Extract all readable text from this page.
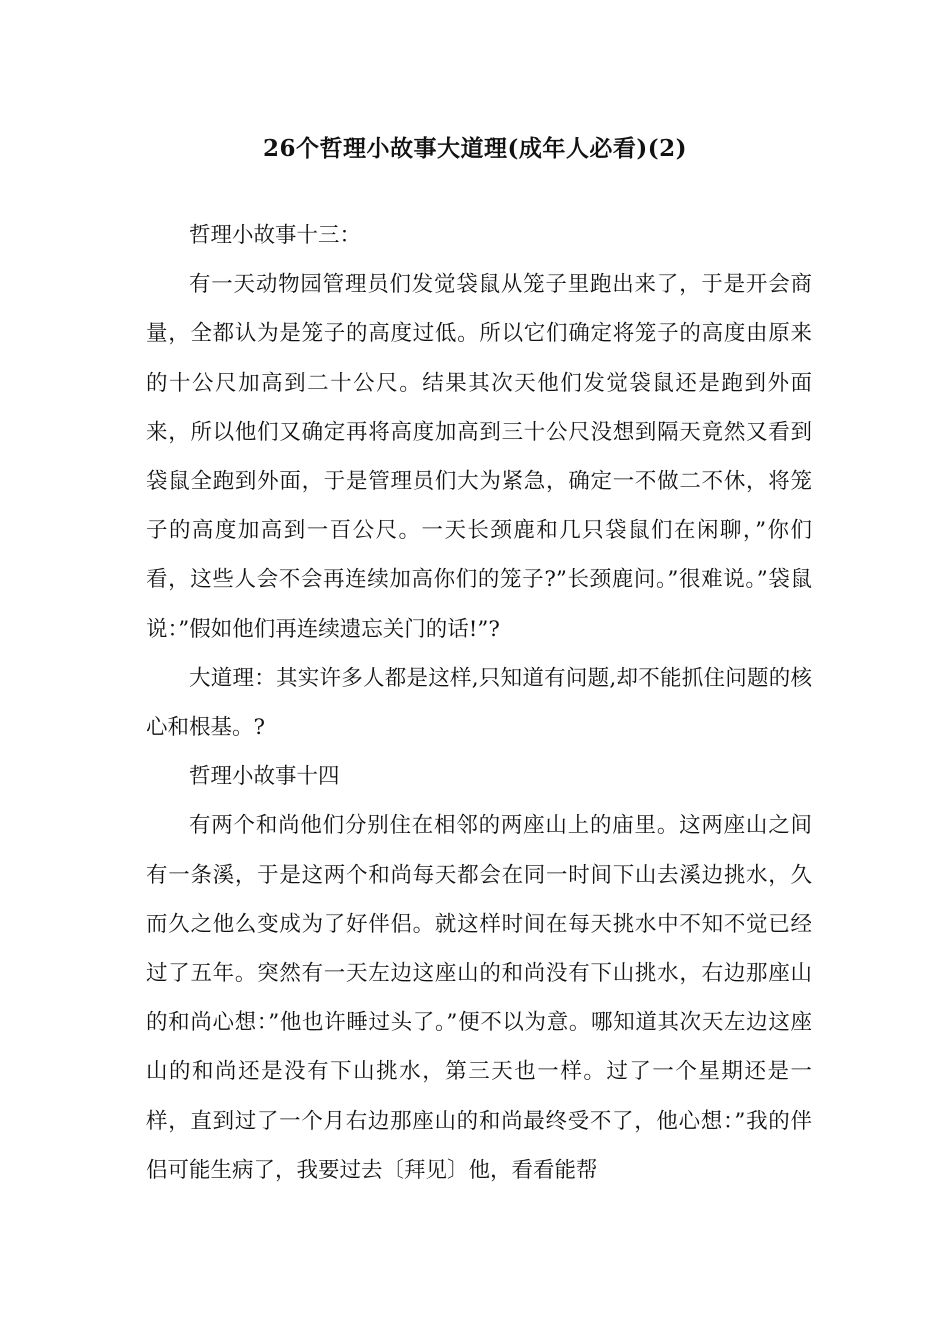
26个哲理小故事大道理(成年人必看)(2)

哲理小故事十三：

有一天动物园管理员们发觉袋鼠从笼子里跑出来了，于是开会商量，全都认为是笼子的高度过低。所以它们确定将笼子的高度由原来的十公尺加高到二十公尺。结果其次天他们发觉袋鼠还是跑到外面来，所以他们又确定再将高度加高到三十公尺没想到隔天竟然又看到袋鼠全跑到外面，于是管理员们大为紧急，确定一不做二不休，将笼子的高度加高到一百公尺。一天长颈鹿和几只袋鼠们在闲聊，”你们看，这些人会不会再连续加高你们的笼子?”长颈鹿问。”很难说。”袋鼠说：”假如他们再连续遗忘关门的话!”?

大道理：其实许多人都是这样,只知道有问题,却不能抓住问题的核心和根基。?

哲理小故事十四

有两个和尚他们分别住在相邻的两座山上的庙里。这两座山之间有一条溪，于是这两个和尚每天都会在同一时间下山去溪边挑水，久而久之他么变成为了好伴侣。就这样时间在每天挑水中不知不觉已经过了五年。突然有一天左边这座山的和尚没有下山挑水，右边那座山的和尚心想：”他也许睡过头了。”便不以为意。哪知道其次天左边这座山的和尚还是没有下山挑水，第三天也一样。过了一个星期还是一样，直到过了一个月右边那座山的和尚最终受不了，他心想：”我的伴侣可能生病了，我要过去〔拜见〕他，看看能帮
